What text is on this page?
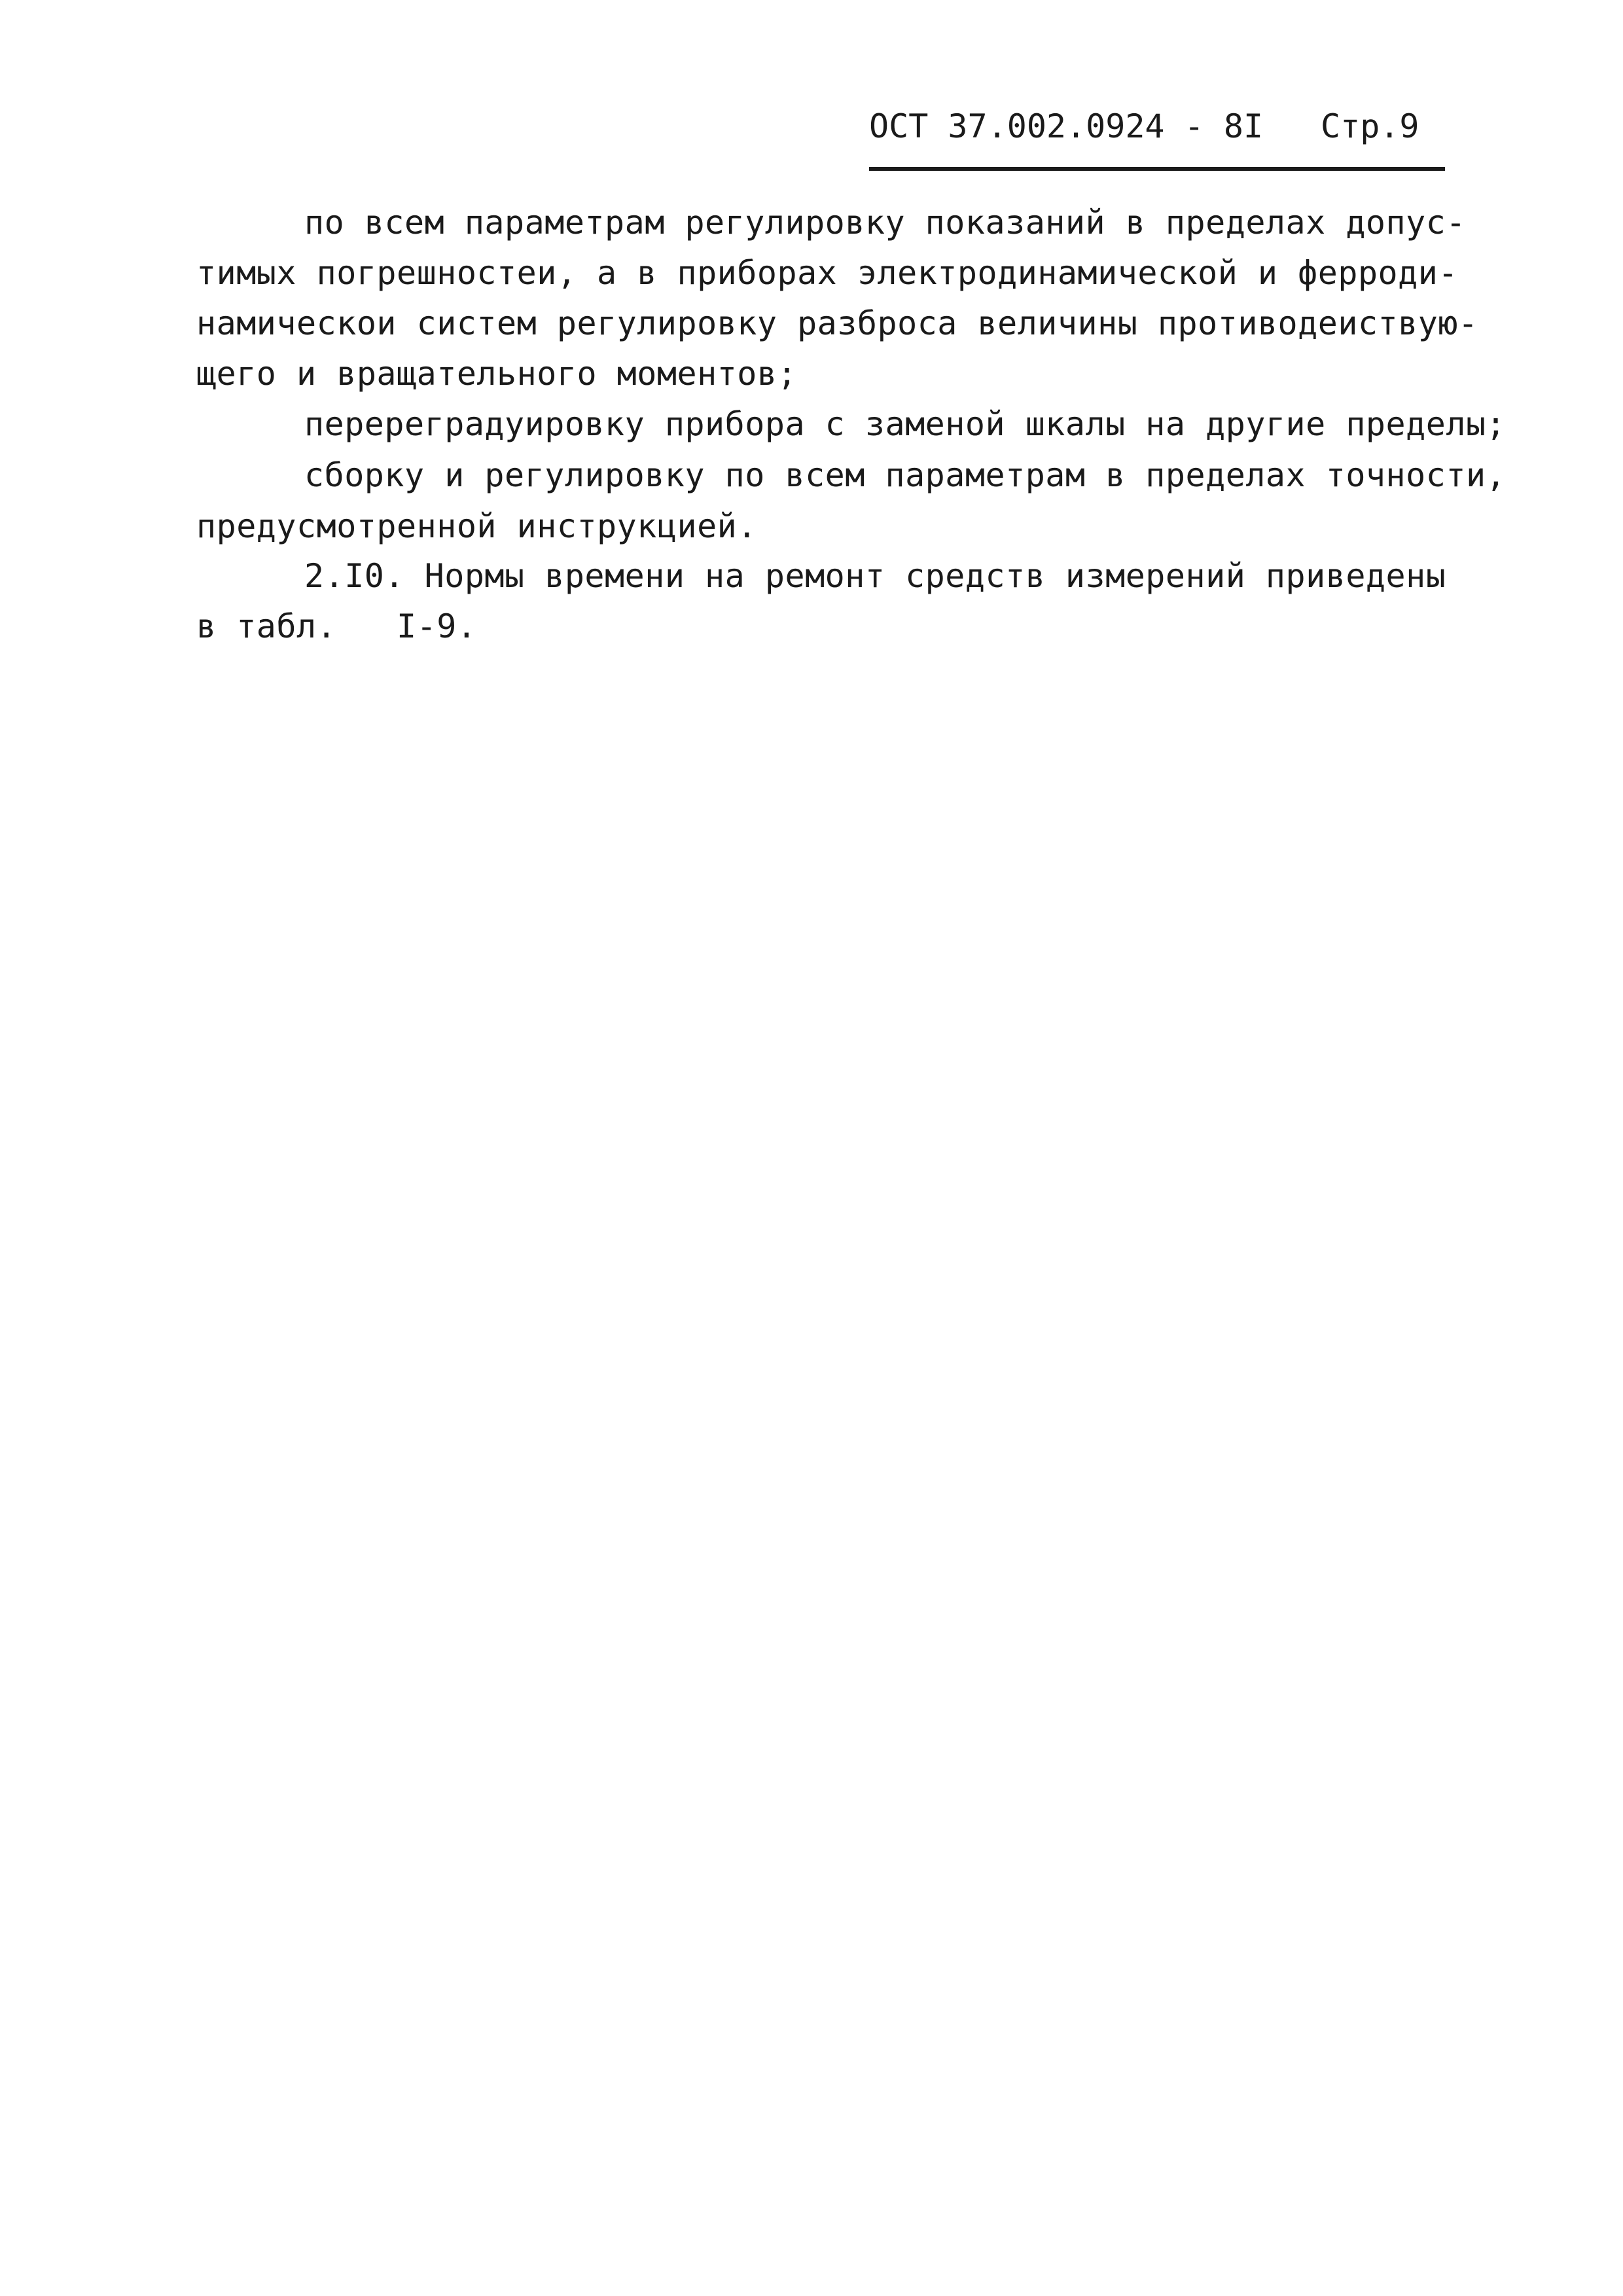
ОСТ 37.002.0924 - 8I Стр.9
по всем параметрам регулировку показаний в пределах допус-
тимых погрешностеи, а в приборах электродинамической и ферроди-
намическои систем регулировку разброса величины противодеиствую-
щего и вращательного моментов;
перереградуировку прибора с заменой шкалы на другие пределы;
сборку и регулировку по всем параметрам в пределах точности,
предусмотренной инструкцией.
2.I0. Нормы времени на ремонт средств измерений приведены
в табл.   I-9.
